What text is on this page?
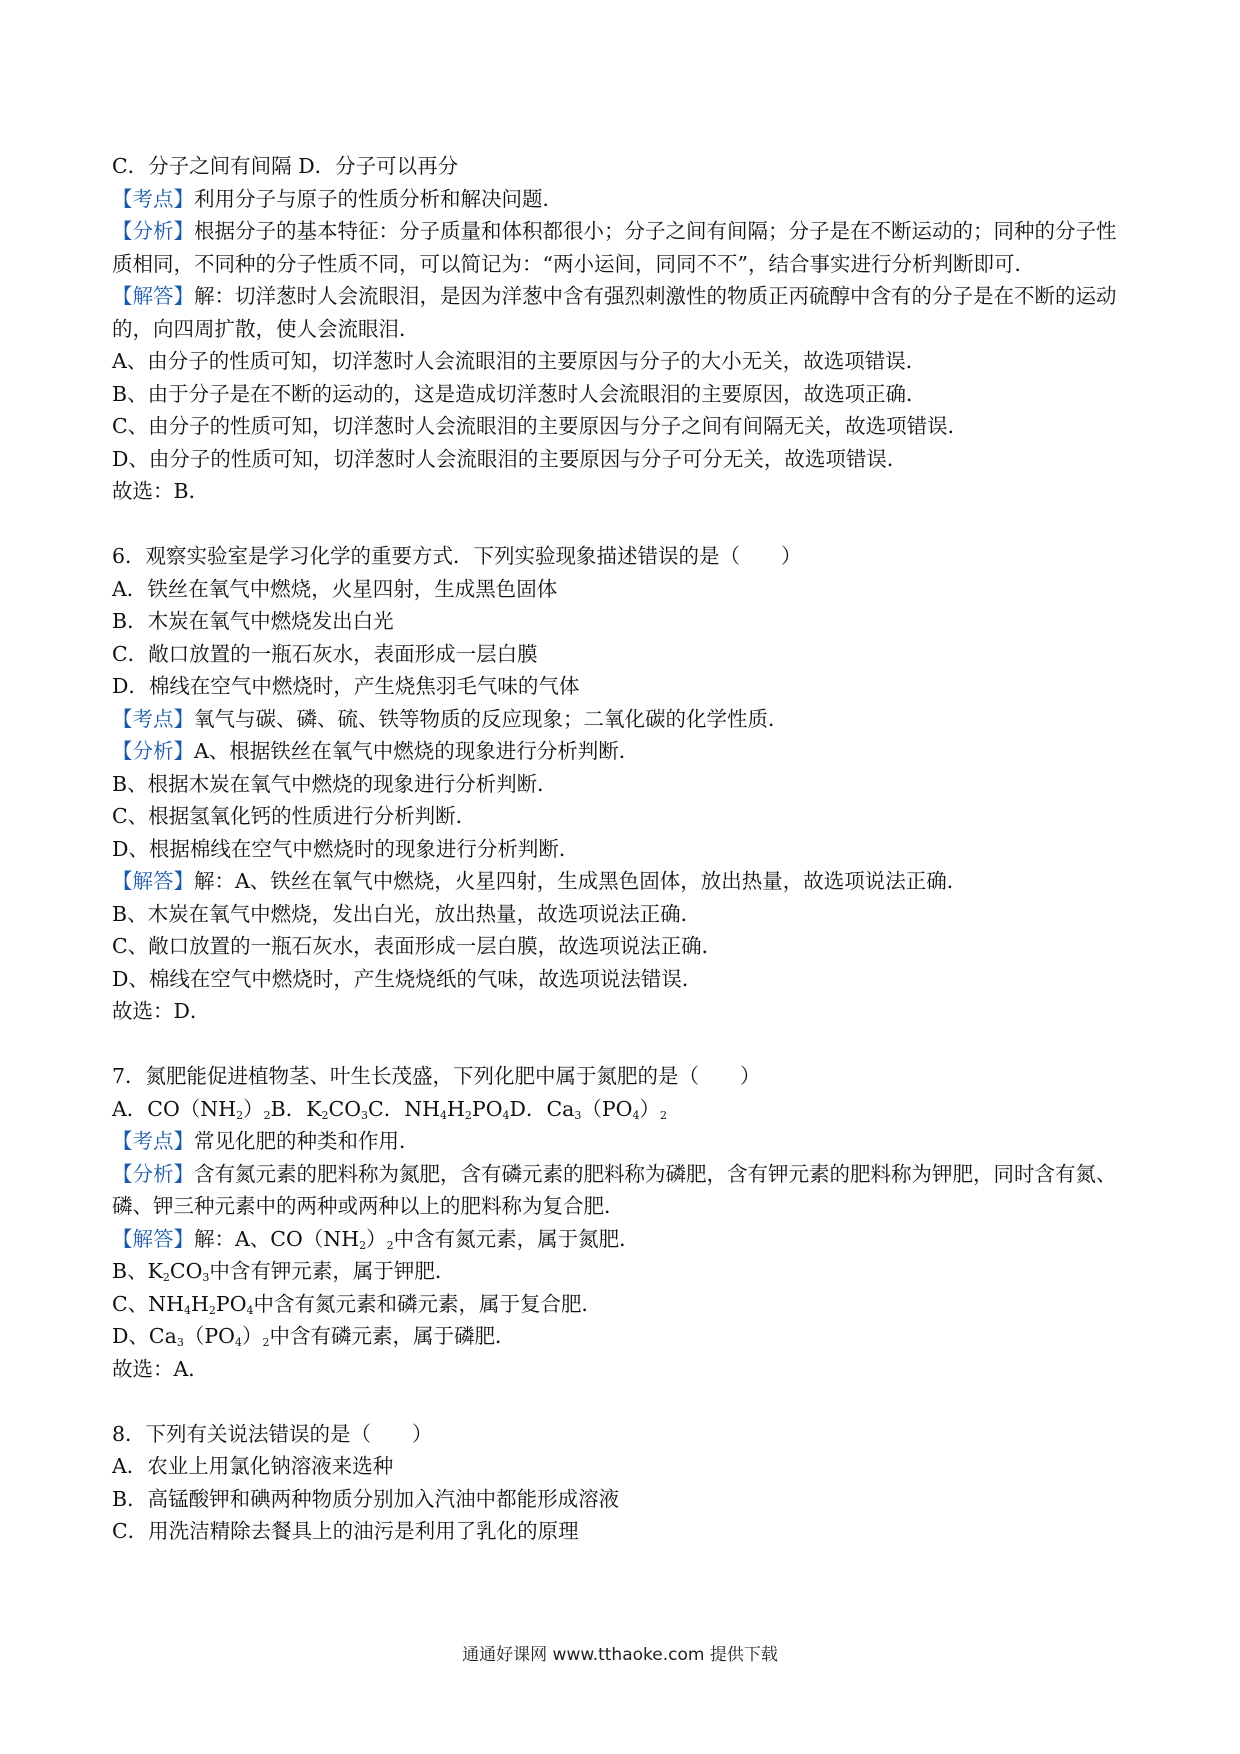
C．分子之间有间隔 D．分子可以再分
【考点】利用分子与原子的性质分析和解决问题．
【分析】根据分子的基本特征：分子质量和体积都很小；分子之间有间隔；分子是在不断运动的；同种的分子性质相同，不同种的分子性质不同，可以简记为：“两小运间，同同不不”，结合事实进行分析判断即可．
【解答】解：切洋葱时人会流眼泪，是因为洋葱中含有强烈刺激性的物质正丙硫醇中含有的分子是在不断的运动的，向四周扩散，使人会流眼泪．
A、由分子的性质可知，切洋葱时人会流眼泪的主要原因与分子的大小无关，故选项错误．
B、由于分子是在不断的运动的，这是造成切洋葱时人会流眼泪的主要原因，故选项正确．
C、由分子的性质可知，切洋葱时人会流眼泪的主要原因与分子之间有间隔无关，故选项错误．
D、由分子的性质可知，切洋葱时人会流眼泪的主要原因与分子可分无关，故选项错误．
故选：B．
6．观察实验室是学习化学的重要方式．下列实验现象描述错误的是（　　）
A．铁丝在氧气中燃烧，火星四射，生成黑色固体
B．木炭在氧气中燃烧发出白光
C．敞口放置的一瓶石灰水，表面形成一层白膜
D．棉线在空气中燃烧时，产生烧焦羽毛气味的气体
【考点】氧气与碳、磷、硫、铁等物质的反应现象；二氧化碳的化学性质．
【分析】A、根据铁丝在氧气中燃烧的现象进行分析判断．
B、根据木炭在氧气中燃烧的现象进行分析判断．
C、根据氢氧化钙的性质进行分析判断．
D、根据棉线在空气中燃烧时的现象进行分析判断．
【解答】解：A、铁丝在氧气中燃烧，火星四射，生成黑色固体，放出热量，故选项说法正确．
B、木炭在氧气中燃烧，发出白光，放出热量，故选项说法正确．
C、敞口放置的一瓶石灰水，表面形成一层白膜，故选项说法正确．
D、棉线在空气中燃烧时，产生烧烧纸的气味，故选项说法错误．
故选：D．
7．氮肥能促进植物茎、叶生长茂盛，下列化肥中属于氮肥的是（　　）
A．$CO(NH_2)_2B$．$K_2CO_3C$．$NH_4H_2PO_4D$．$Ca_3(PO_4)_2$
【考点】常见化肥的种类和作用．
【分析】含有氮元素的肥料称为氮肥，含有磷元素的肥料称为磷肥，含有钾元素的肥料称为钾肥，同时含有氮、磷、钾三种元素中的两种或两种以上的肥料称为复合肥．
【解答】解：A、$CO(NH_2)_2$中含有氮元素，属于氮肥．
B、$K_2CO_3$中含有钾元素，属于钾肥．
C、$NH_4H_2PO_4$中含有氮元素和磷元素，属于复合肥．
D、$Ca_3(PO_4)_2$中含有磷元素，属于磷肥．
故选：A．
8．下列有关说法错误的是（　　）
A．农业上用氯化钠溶液来选种
B．高锰酸钾和碘两种物质分别加入汽油中都能形成溶液
C．用洗洁精除去餐具上的油污是利用了乳化的原理
通通好课网 www.tthaoke.com 提供下载
